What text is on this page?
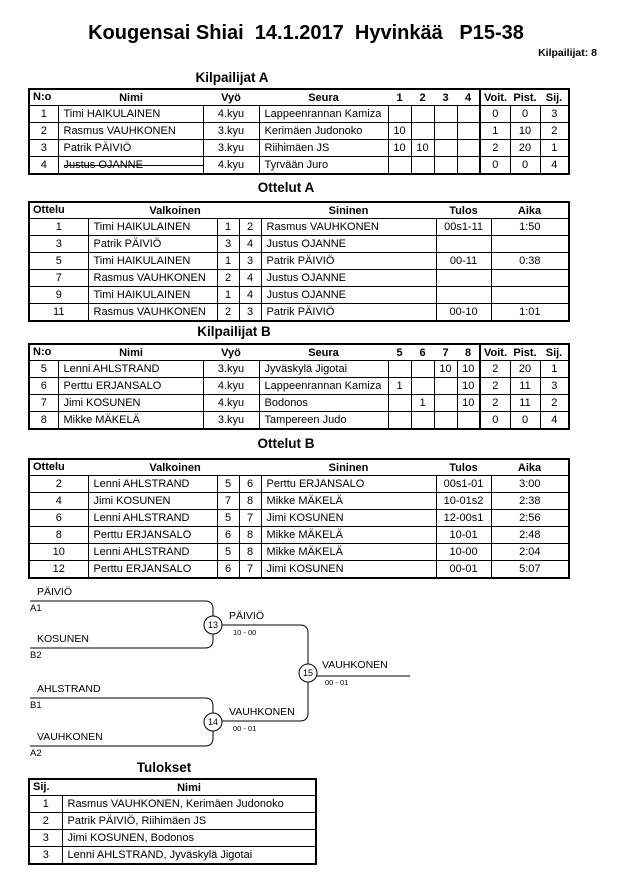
Kougensai Shiai  14.1.2017  Hyvinkää   P15-38
Kilpailijat: 8
Kilpailijat A
N:o Nimi		Vyö	Seura	1	2	3	4	Voit.	Pist.	Sij.
1	Timi HAIKULAINEN	4.kyu	Lappeenrannan Kamiza					0	0	3
2	Rasmus VAUHKONEN	3.kyu	Kerimäen Judonoko	10				1	10	2
3	Patrik PÄIVIÖ	3.kyu	Riihimäen JS	10	10			2	20	1
4	Justus OJANNE	4.kyu	Tyrvään Juro					0	0	4
Ottelut A
Ottelu Valkoinen				Sininen	Tulos	Aika
1	Timi HAIKULAINEN	1	2	Rasmus VAUHKONEN	00s1-11	1:50
3	Patrik PÄIVIÖ	3	4	Justus OJANNE		
5	Timi HAIKULAINEN	1	3	Patrik PÄIVIÖ	00-11	0:38
7	Rasmus VAUHKONEN	2	4	Justus OJANNE		
9	Timi HAIKULAINEN	1	4	Justus OJANNE		
11	Rasmus VAUHKONEN	2	3	Patrik PÄIVIÖ	00-10	1:01
Kilpailijat B
N:o Nimi		Vyö	Seura	5	6	7	8	Voit.	Pist.	Sij.
5	Lenni AHLSTRAND	3.kyu	Jyväskylä Jigotai			10	10	2	20	1
6	Perttu ERJANSALO	4.kyu	Lappeenrannan Kamiza	1			10	2	11	3
7	Jimi KOSUNEN	4.kyu	Bodonos		1		10	2	11	2
8	Mikke MÄKELÄ	3.kyu	Tampereen Judo					0	0	4
Ottelut B
Ottelu Valkoinen				Sininen	Tulos	Aika
2	Lenni AHLSTRAND	5	6	Perttu ERJANSALO	00s1-01	3:00
4	Jimi KOSUNEN	7	8	Mikke MÄKELÄ	10-01s2	2:38
6	Lenni AHLSTRAND	5	7	Jimi KOSUNEN	12-00s1	2:56
8	Perttu ERJANSALO	6	8	Mikke MÄKELÄ	10-01	2:48
10	Lenni AHLSTRAND	5	8	Mikke MÄKELÄ	10-00	2:04
12	Perttu ERJANSALO	6	7	Jimi KOSUNEN	00-01	5:07
13
14
15
PÄIVIÖ
A1
KOSUNEN
B2
PÄIVIÖ
10 - 00
VAUHKONEN
00 - 01
AHLSTRAND
B1
VAUHKONEN
A2
VAUHKONEN
00 - 01
Tulokset
Sij. Nimi	

1	Rasmus VAUHKONEN, Kerimäen Judonoko
2	Patrik PÄIVIÖ, Riihimäen JS
3	Jimi KOSUNEN, Bodonos
3	Lenni AHLSTRAND, Jyväskylä Jigotai
